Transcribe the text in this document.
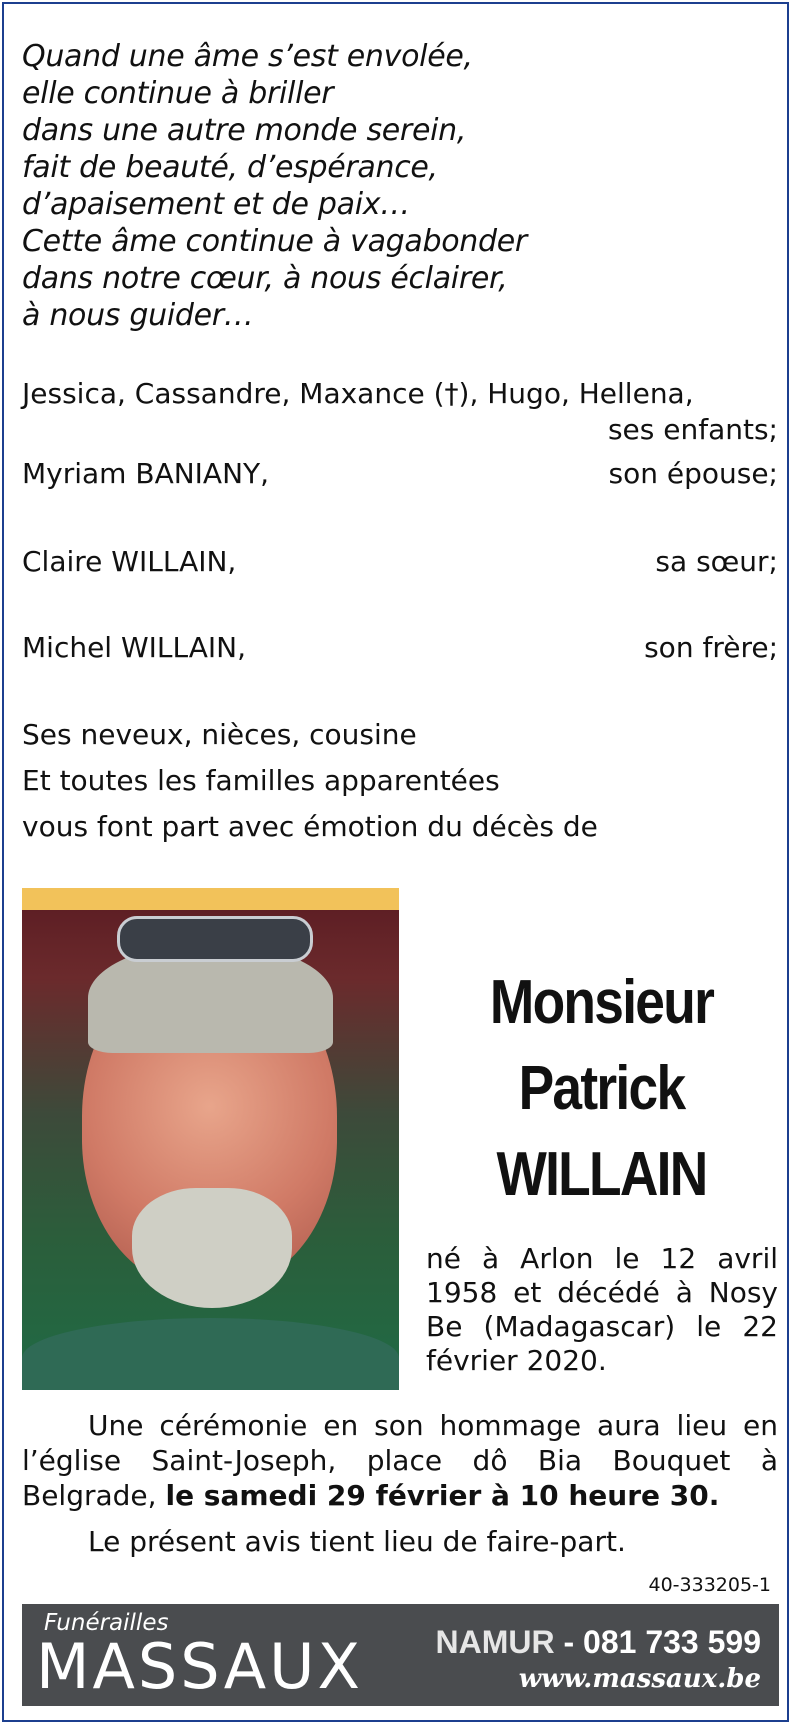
Quand une âme s’est envolée,
elle continue à briller
dans une autre monde serein,
fait de beauté, d’espérance,
d’apaisement et de paix…
Cette âme continue à vagabonder
dans notre cœur, à nous éclairer,
à nous guider…
Jessica, Cassandre, Maxance (†), Hugo, Hellena,
ses enfants;
Myriam BANIANY,	son épouse;
Claire WILLAIN,	sa sœur;
Michel WILLAIN,	son frère;
Ses neveux, nièces, cousine
Et toutes les familles apparentées
vous font part avec émotion du décès de
Monsieur
Patrick
WILLAIN
né à Arlon le 12 avril 1958 et décédé à Nosy Be (Madagascar) le 22 février 2020.
Une cérémonie en son hommage aura lieu en l’église Saint-Joseph, place dô Bia Bouquet à Belgrade, le samedi 29 février à 10 heure 30.
Le présent avis tient lieu de faire-part.
40-333205-1
Funérailles
MASSAUX NAMUR - 081 733 599
www.massaux.be
